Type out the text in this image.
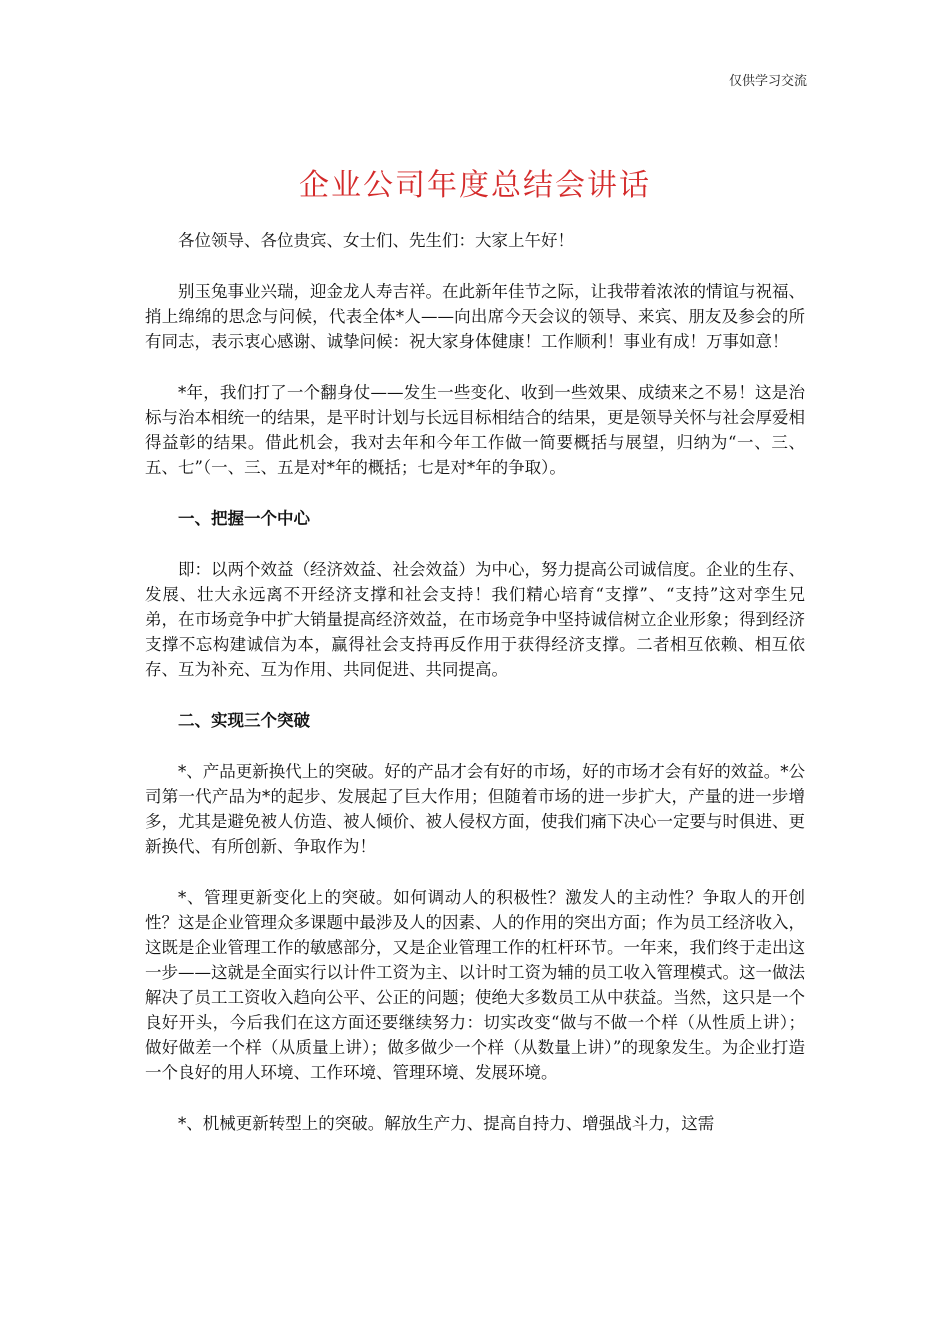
仅供学习交流
企业公司年度总结会讲话

各位领导、各位贵宾、女士们、先生们：大家上午好！

别玉兔事业兴瑞，迎金龙人寿吉祥。在此新年佳节之际，让我带着浓浓的情谊与祝福、捎上绵绵的思念与问候，代表全体*人——向出席今天会议的领导、来宾、朋友及参会的所有同志，表示衷心感谢、诚挚问候：祝大家身体健康！工作顺利！事业有成！万事如意！

*年，我们打了一个翻身仗——发生一些变化、收到一些效果、成绩来之不易！这是治标与治本相统一的结果，是平时计划与长远目标相结合的结果，更是领导关怀与社会厚爱相得益彰的结果。借此机会，我对去年和今年工作做一简要概括与展望，归纳为“一、三、五、七”（一、三、五是对*年的概括；七是对*年的争取）。

一、把握一个中心

即：以两个效益（经济效益、社会效益）为中心，努力提高公司诚信度。企业的生存、发展、壮大永远离不开经济支撑和社会支持！我们精心培育“支撑”、“支持”这对孪生兄弟，在市场竞争中扩大销量提高经济效益，在市场竞争中坚持诚信树立企业形象；得到经济支撑不忘构建诚信为本，赢得社会支持再反作用于获得经济支撑。二者相互依赖、相互依存、互为补充、互为作用、共同促进、共同提高。

二、实现三个突破

*、产品更新换代上的突破。好的产品才会有好的市场，好的市场才会有好的效益。*公司第一代产品为*的起步、发展起了巨大作用；但随着市场的进一步扩大，产量的进一步增多，尤其是避免被人仿造、被人倾价、被人侵权方面，使我们痛下决心一定要与时俱进、更新换代、有所创新、争取作为！

*、管理更新变化上的突破。如何调动人的积极性？激发人的主动性？争取人的开创性？这是企业管理众多课题中最涉及人的因素、人的作用的突出方面；作为员工经济收入，这既是企业管理工作的敏感部分，又是企业管理工作的杠杆环节。一年来，我们终于走出这一步——这就是全面实行以计件工资为主、以计时工资为辅的员工收入管理模式。这一做法解决了员工工资收入趋向公平、公正的问题；使绝大多数员工从中获益。当然，这只是一个良好开头，今后我们在这方面还要继续努力：切实改变“做与不做一个样（从性质上讲）；做好做差一个样（从质量上讲）；做多做少一个样（从数量上讲）”的现象发生。为企业打造一个良好的用人环境、工作环境、管理环境、发展环境。

*、机械更新转型上的突破。解放生产力、提高自持力、增强战斗力，这需
